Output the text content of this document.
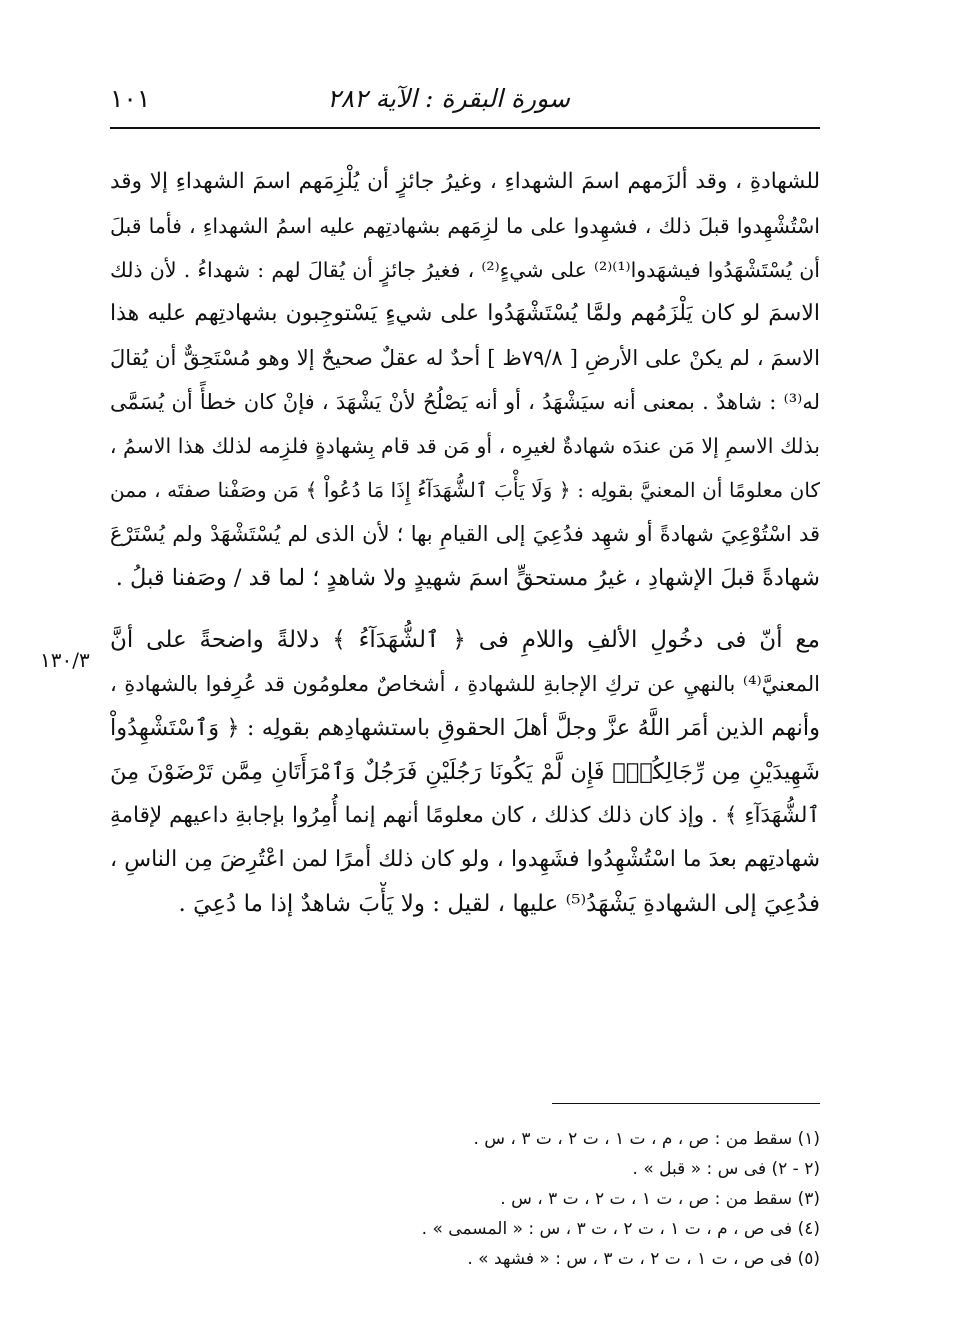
سورة البقرة : الآية ٢٨٢
١٠١
١٣٠/٣
للشهادةِ ، وقد ألزَمهم اسمَ الشهداءِ ، وغيرُ جائزٍ أن يُلْزِمَهم اسمَ الشهداءِ إلا وقد
اسْتُشْهِدوا قبلَ ذلك ، فشهِدوا على ما لزِمَهم بشهادتِهم عليه اسمُ الشهداءِ ، فأما قبلَ
أن يُسْتَشْهَدُوا فيشهَدوا⁽¹⁾⁽²⁾ على شيءٍ⁽²⁾ ، فغيرُ جائزٍ أن يُقالَ لهم : شهداءُ . لأن ذلك
الاسمَ لو كان يَلْزَمُهم ولمَّا يُسْتَشْهَدُوا على شيءٍ يَسْتوجِبون بشهادتِهم عليه هذا
الاسمَ ، لم يكنْ على الأرضِ [ ٧٩/٨ظ ] أحدٌ له عقلٌ صحيحٌ إلا وهو مُسْتَحِقٌّ أن يُقالَ
له⁽³⁾ : شاهدٌ . بمعنى أنه سيَشْهَدُ ، أو أنه يَصْلُحُ لأنْ يَشْهَدَ ، فإنْ كان خطأً أن يُسَمَّى
بذلك الاسمِ إلا مَن عندَه شهادةٌ لغيرِه ، أو مَن قد قام بِشهادةٍ فلزِمه لذلك هذا الاسمُ ،
كان معلومًا أن المعنيَّ بقولِه : ﴿ وَلَا يَأْبَ ٱلشُّهَدَآءُ إِذَا مَا دُعُواْ ﴾ مَن وصَفْنا صفتَه ، ممن
قد اسْتُوْعِيَ شهادةً أو شهِد فدُعِيَ إلى القيامِ بها ؛ لأن الذى لم يُسْتَشْهَدْ ولم يُسْتَرْعَ
شهادةً قبلَ الإشهادِ ، غيرُ مستحقٍّ اسمَ شهيدٍ ولا شاهدٍ ؛ لما قد / وصَفنا قبلُ .
مع أنّ فى دخُولِ الألفِ واللامِ فى ﴿ ٱلشُّهَدَآءُ ﴾ دلالةً واضحةً على أنَّ
المعنيَّ⁽⁴⁾ بالنهيِ عن تركِ الإجابةِ للشهادةِ ، أشخاصٌ معلومُون قد عُرِفوا بالشهادةِ ،
وأنهم الذين أمَر اللَّهُ عزَّ وجلَّ أهلَ الحقوقِ باستشهادِهم بقولِه : ﴿ وَٱسْتَشْهِدُواْ
شَهِيدَيْنِ مِن رِّجَالِكُمْۖ فَإِن لَّمْ يَكُونَا رَجُلَيْنِ فَرَجُلٌ وَٱمْرَأَتَانِ مِمَّن تَرْضَوْنَ مِنَ
ٱلشُّهَدَآءِ ﴾ . وإذ كان ذلك كذلك ، كان معلومًا أنهم إنما أُمِرُوا بإجابةِ داعيهم لإقامةِ
شهادتِهم بعدَ ما اسْتُشْهِدُوا فشَهِدوا ، ولو كان ذلك أمرًا لمن اعْتُرِضَ مِن الناسِ ،
فدُعِيَ إلى الشهادةِ يَشْهَدُ⁽⁵⁾ عليها ، لقيل : ولا يَأْبَ شاهدٌ إذا ما دُعِيَ .
(١) سقط من : ص ، م ، ت ١ ، ت ٢ ، ت ٣ ، س .
(٢ - ٢) فى س : « قبل » .
(٣) سقط من : ص ، ت ١ ، ت ٢ ، ت ٣ ، س .
(٤) فى ص ، م ، ت ١ ، ت ٢ ، ت ٣ ، س : « المسمى » .
(٥) فى ص ، ت ١ ، ت ٢ ، ت ٣ ، س : « فشهد » .
